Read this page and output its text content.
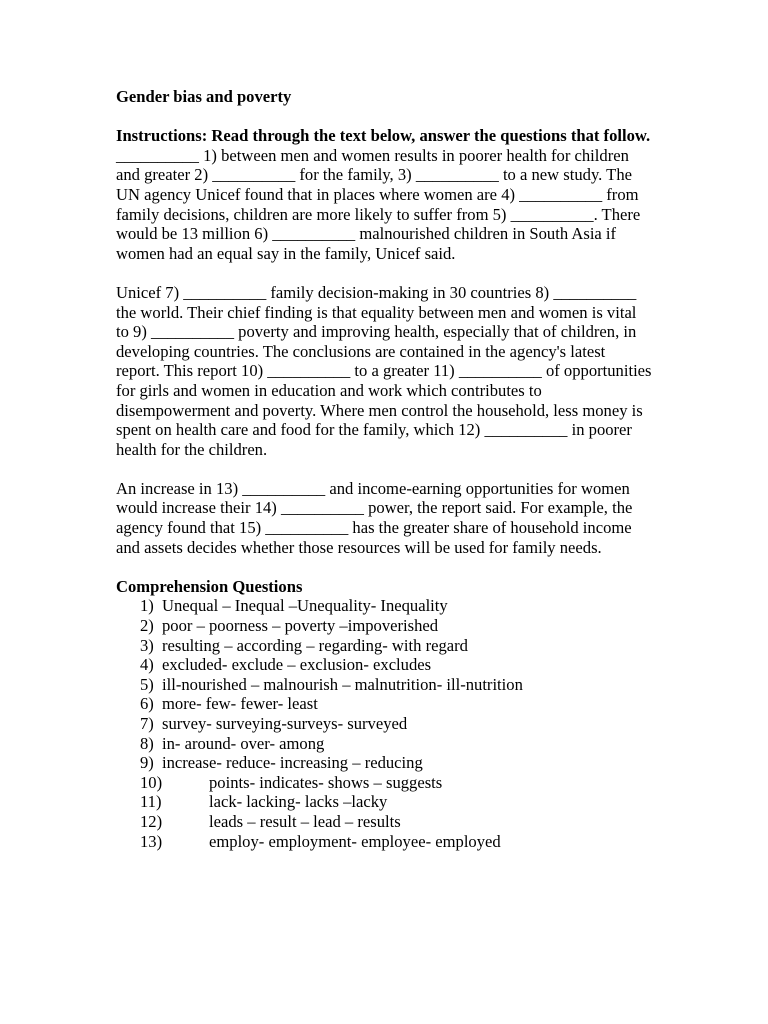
Gender bias and poverty

Instructions: Read through the text below, answer the questions that follow.

__________ 1) between men and women results in poorer health for children and greater 2) __________ for the family, 3) __________ to a new study. The UN agency Unicef found that in places where women are 4) __________ from family decisions, children are more likely to suffer from 5) __________. There would be 13 million 6) __________ malnourished children in South Asia if women had an equal say in the family, Unicef said.

Unicef 7) __________ family decision-making in 30 countries 8) __________ the world. Their chief finding is that equality between men and women is vital to 9) __________ poverty and improving health, especially that of children, in developing countries. The conclusions are contained in the agency's latest report. This report 10) __________ to a greater 11) __________ of opportunities for girls and women in education and work which contributes to disempowerment and poverty. Where men control the household, less money is spent on health care and food for the family, which 12) __________ in poorer health for the children.

An increase in 13) __________ and income-earning opportunities for women would increase their 14) __________ power, the report said. For example, the agency found that 15) __________ has the greater share of household income and assets decides whether those resources will be used for family needs.

Comprehension Questions

1) Unequal – Inequal –Unequality- Inequality
2) poor – poorness – poverty –impoverished
3) resulting – according – regarding- with regard
4) excluded- exclude – exclusion- excludes
5) ill-nourished – malnourish – malnutrition- ill-nutrition
6) more- few- fewer- least
7) survey- surveying-surveys- surveyed
8) in- around- over- among
9) increase- reduce- increasing – reducing
10)	points- indicates- shows – suggests
11)	lack- lacking- lacks –lacky
12)	leads – result – lead – results
13)	employ- employment- employee- employed
